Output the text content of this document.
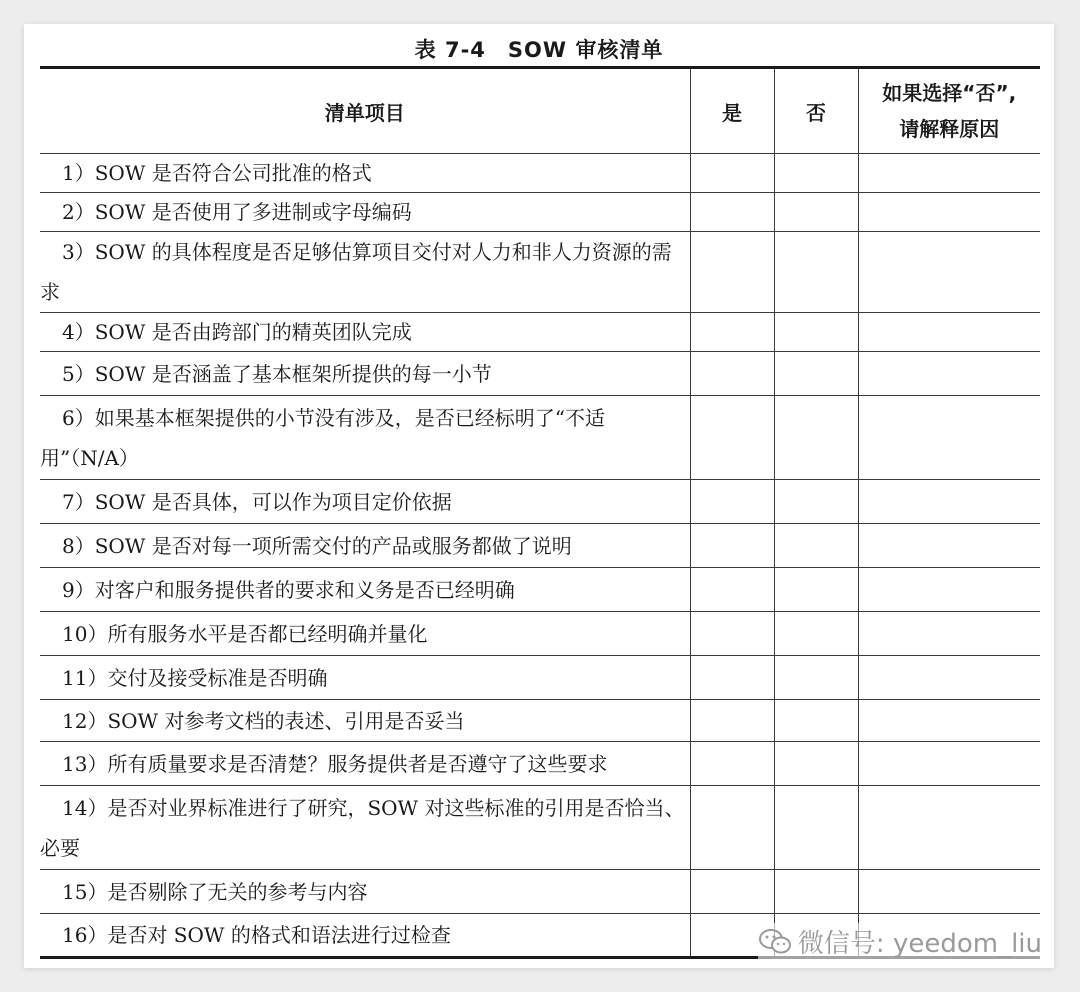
表 7-4　SOW 审核清单
清单项目	是	否	如果选择“否”,
请解释原因

1）SOW 是否符合公司批准的格式			
2）SOW 是否使用了多进制或字母编码			
3）SOW 的具体程度是否足够估算项目交付对人力和非人力资源的需求			
4）SOW 是否由跨部门的精英团队完成			
5）SOW 是否涵盖了基本框架所提供的每一小节			
6）如果基本框架提供的小节没有涉及，是否已经标明了“不适用”（N/A）			
7）SOW 是否具体，可以作为项目定价依据			
8）SOW 是否对每一项所需交付的产品或服务都做了说明			
9）对客户和服务提供者的要求和义务是否已经明确			
10）所有服务水平是否都已经明确并量化			
11）交付及接受标准是否明确			
12）SOW 对参考文档的表述、引用是否妥当			
13）所有质量要求是否清楚？服务提供者是否遵守了这些要求			
14）是否对业界标准进行了研究，SOW 对这些标准的引用是否恰当、必要			
15）是否剔除了无关的参考与内容			
16）是否对 SOW 的格式和语法进行过检查				微信号: yeedom_liu
